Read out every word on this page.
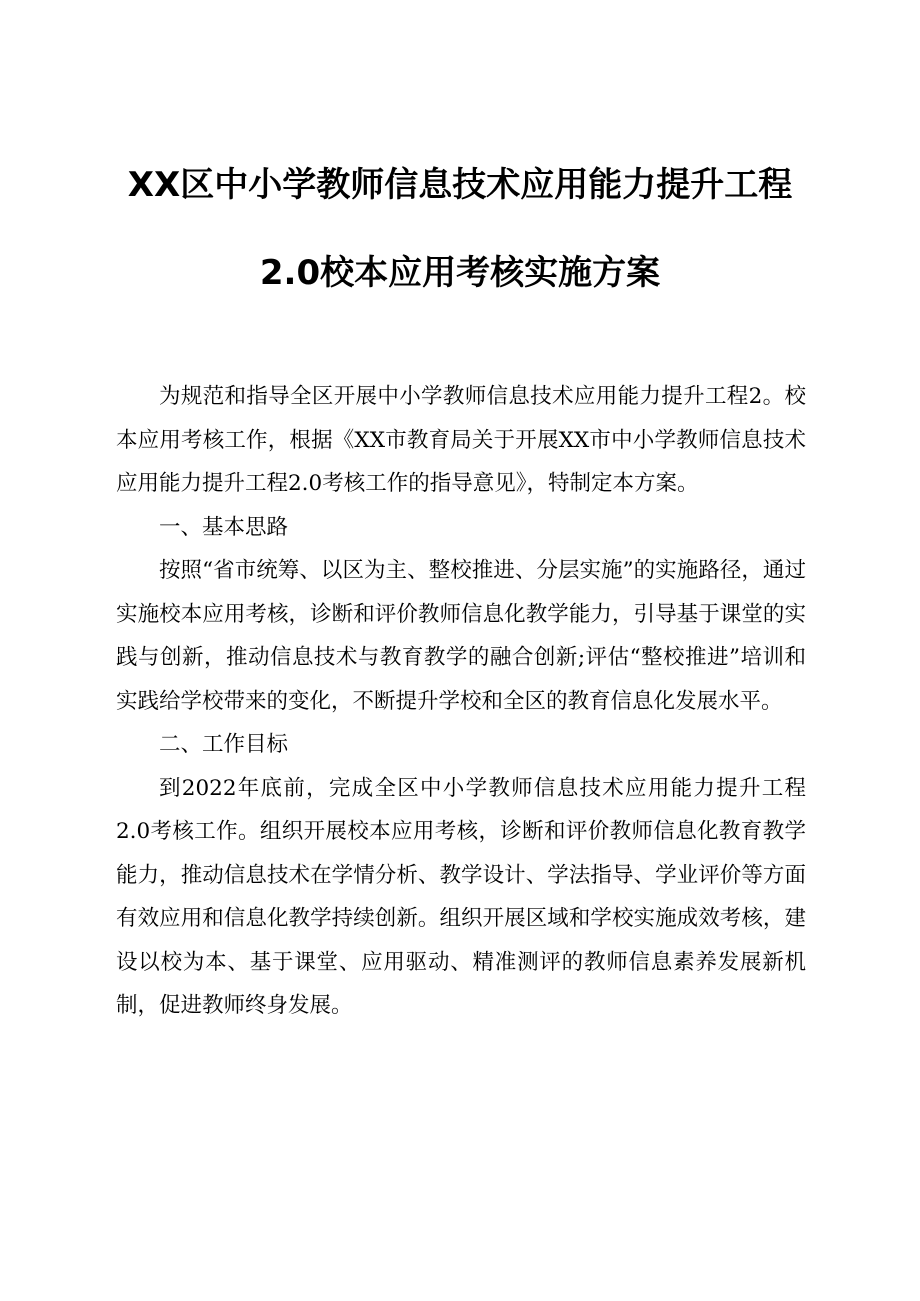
XX区中小学教师信息技术应用能力提升工程
2.0校本应用考核实施方案

为规范和指导全区开展中小学教师信息技术应用能力提升工程2。校本应用考核工作，根据《XX市教育局关于开展XX市中小学教师信息技术应用能力提升工程2.0考核工作的指导意见》，特制定本方案。

一、基本思路

按照“省市统筹、以区为主、整校推进、分层实施”的实施路径，通过实施校本应用考核，诊断和评价教师信息化教学能力，引导基于课堂的实践与创新，推动信息技术与教育教学的融合创新;评估“整校推进”培训和实践给学校带来的变化，不断提升学校和全区的教育信息化发展水平。

二、工作目标

到2022年底前，完成全区中小学教师信息技术应用能力提升工程2.0考核工作。组织开展校本应用考核，诊断和评价教师信息化教育教学能力，推动信息技术在学情分析、教学设计、学法指导、学业评价等方面有效应用和信息化教学持续创新。组织开展区域和学校实施成效考核，建设以校为本、基于课堂、应用驱动、精准测评的教师信息素养发展新机制，促进教师终身发展。
